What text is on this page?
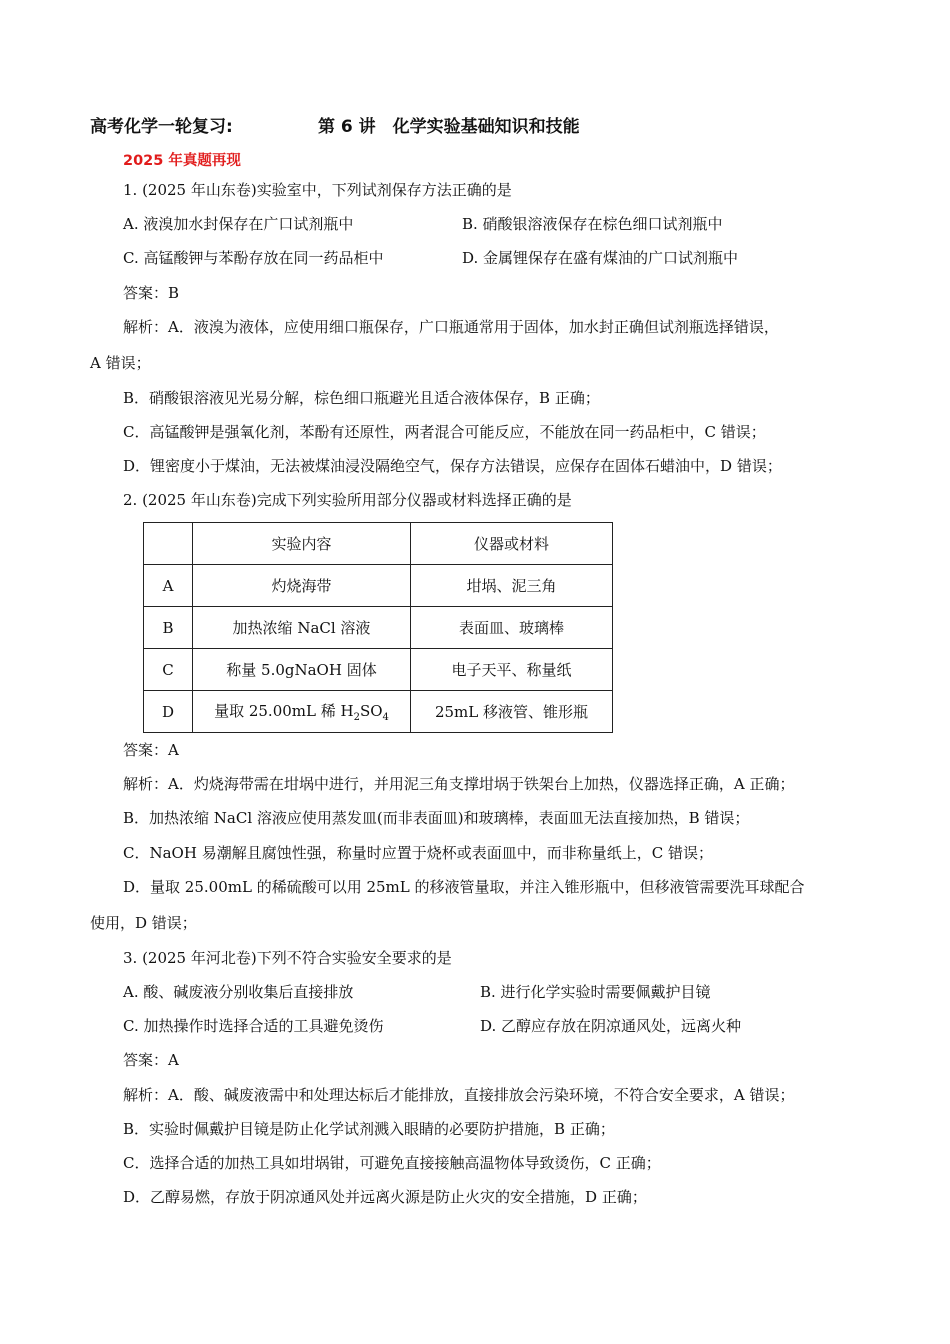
高考化学一轮复习:	第 6 讲　化学实验基础知识和技能
2025 年真题再现
1. (2025 年山东卷)实验室中，下列试剂保存方法正确的是
A. 液溴加水封保存在广口试剂瓶中	B. 硝酸银溶液保存在棕色细口试剂瓶中
C. 高锰酸钾与苯酚存放在同一药品柜中	D. 金属锂保存在盛有煤油的广口试剂瓶中
答案：B
解析：A．液溴为液体，应使用细口瓶保存，广口瓶通常用于固体，加水封正确但试剂瓶选择错误，
A 错误；
B．硝酸银溶液见光易分解，棕色细口瓶避光且适合液体保存，B 正确；
C．高锰酸钾是强氧化剂，苯酚有还原性，两者混合可能反应，不能放在同一药品柜中，C 错误；
D．锂密度小于煤油，无法被煤油浸没隔绝空气，保存方法错误，应保存在固体石蜡油中，D 错误；
2. (2025 年山东卷)完成下列实验所用部分仪器或材料选择正确的是
	实验内容	仪器或材料
A	灼烧海带	坩埚、泥三角
B	加热浓缩 NaCl 溶液	表面皿、玻璃棒
C	称量 5.0gNaOH 固体	电子天平、称量纸
D	量取 25.00mL 稀 $H_2SO_4$	25mL 移液管、锥形瓶
答案：A
解析：A．灼烧海带需在坩埚中进行，并用泥三角支撑坩埚于铁架台上加热，仪器选择正确，A 正确；
B．加热浓缩 NaCl 溶液应使用蒸发皿(而非表面皿)和玻璃棒，表面皿无法直接加热，B 错误；
C．NaOH 易潮解且腐蚀性强，称量时应置于烧杯或表面皿中，而非称量纸上，C 错误；
D．量取 25.00mL 的稀硫酸可以用 25mL 的移液管量取，并注入锥形瓶中，但移液管需要洗耳球配合
使用，D 错误；
3. (2025 年河北卷)下列不符合实验安全要求的是
A. 酸、碱废液分别收集后直接排放	B. 进行化学实验时需要佩戴护目镜
C. 加热操作时选择合适的工具避免烫伤	D. 乙醇应存放在阴凉通风处，远离火种
答案：A
解析：A．酸、碱废液需中和处理达标后才能排放，直接排放会污染环境，不符合安全要求，A 错误；
B．实验时佩戴护目镜是防止化学试剂溅入眼睛的必要防护措施，B 正确；
C．选择合适的加热工具如坩埚钳，可避免直接接触高温物体导致烫伤，C 正确；
D．乙醇易燃，存放于阴凉通风处并远离火源是防止火灾的安全措施，D 正确；
